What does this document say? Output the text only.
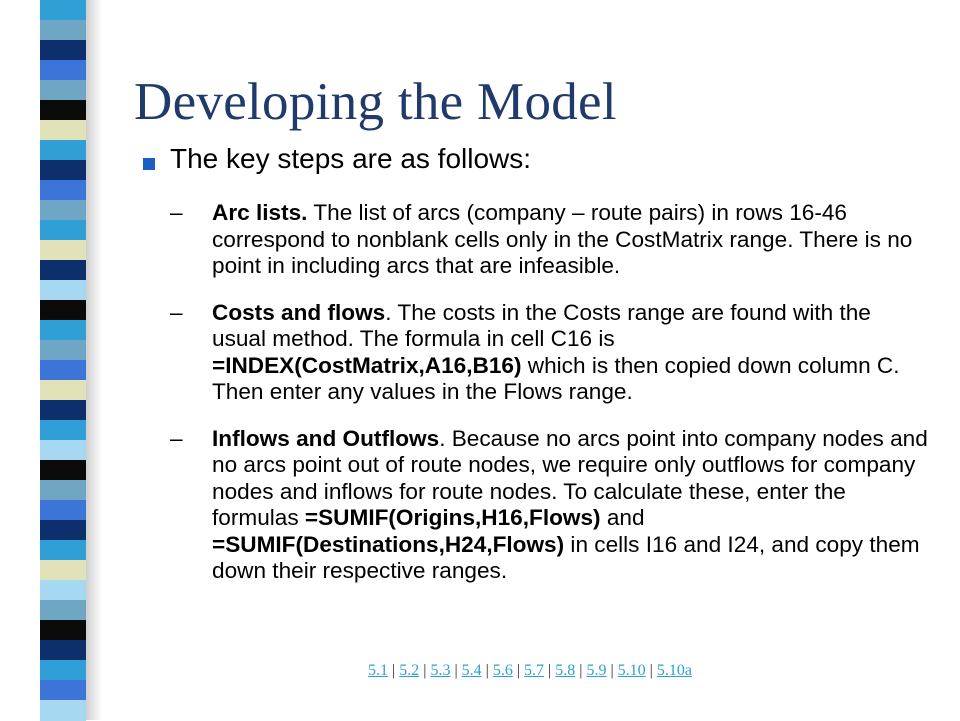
Developing the Model
The key steps are as follows:
– Arc lists. The list of arcs (company – route pairs) in rows 16-46 correspond to nonblank cells only in the CostMatrix range. There is no point in including arcs that are infeasible.
– Costs and flows. The costs in the Costs range are found with the usual method. The formula in cell C16 is =INDEX(CostMatrix,A16,B16) which is then copied down column C. Then enter any values in the Flows range.
– Inflows and Outflows. Because no arcs point into company nodes and no arcs point out of route nodes, we require only outflows for company nodes and inflows for route nodes. To calculate these, enter the formulas =SUMIF(Origins,H16,Flows) and =SUMIF(Destinations,H24,Flows) in cells I16 and I24, and copy them down their respective ranges.
5.1 | 5.2 | 5.3 | 5.4 | 5.6 | 5.7 | 5.8 | 5.9 | 5.10 | 5.10a
